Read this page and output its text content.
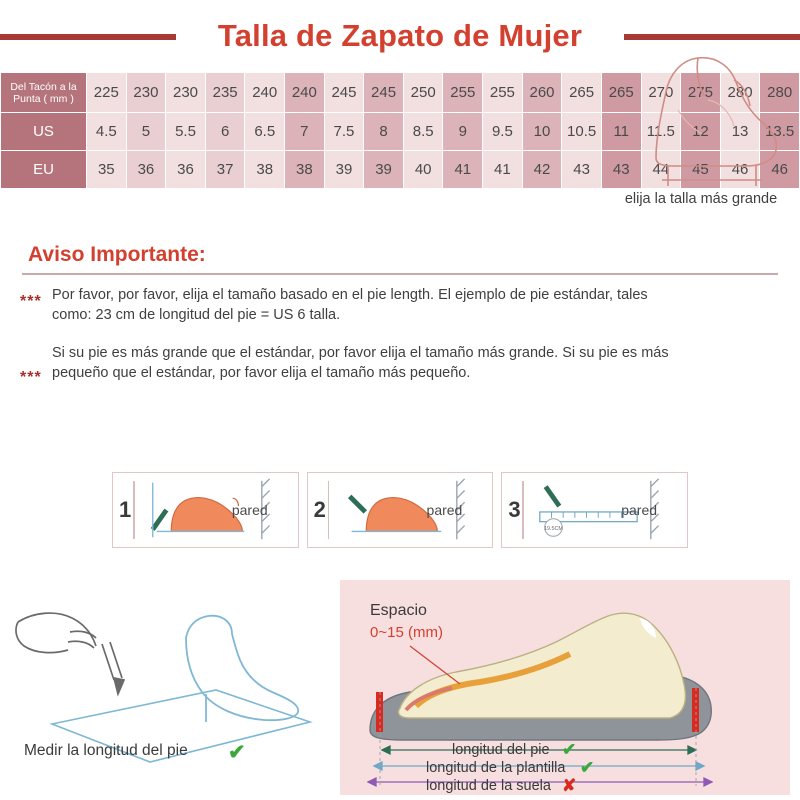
Talla de Zapato de Mujer
Del Tacón a la Punta ( mm )	225	230	230	235	240	240	245	245	250	255	255	260	265	265	270	275	280	280
US	4.5	5	5.5	6	6.5	7	7.5	8	8.5	9	9.5	10	10.5	11	11.5	12	13	13.5
EU	35	36	36	37	38	38	39	39	40	41	41	42	43	43	44	45	46	46
Aviso Importante:
*** Por favor, por favor, elija el tamaño basado en el pie length. El ejemplo de pie estándar, tales como: 23 cm de longitud del pie = US 6 talla.
***
Si su pie es más grande que el estándar, por favor elija el tamaño más grande. Si su pie es más pequeño que el estándar, por favor elija el tamaño más pequeño.
elija la talla más grande
1	pared 2	pared 3
19.5CM
pared
Medir la longitud del pie ✔
Espacio
0~15 (mm)
longitud del pie
longitud de la plantilla
longitud de la suela
✔
✔
✘
